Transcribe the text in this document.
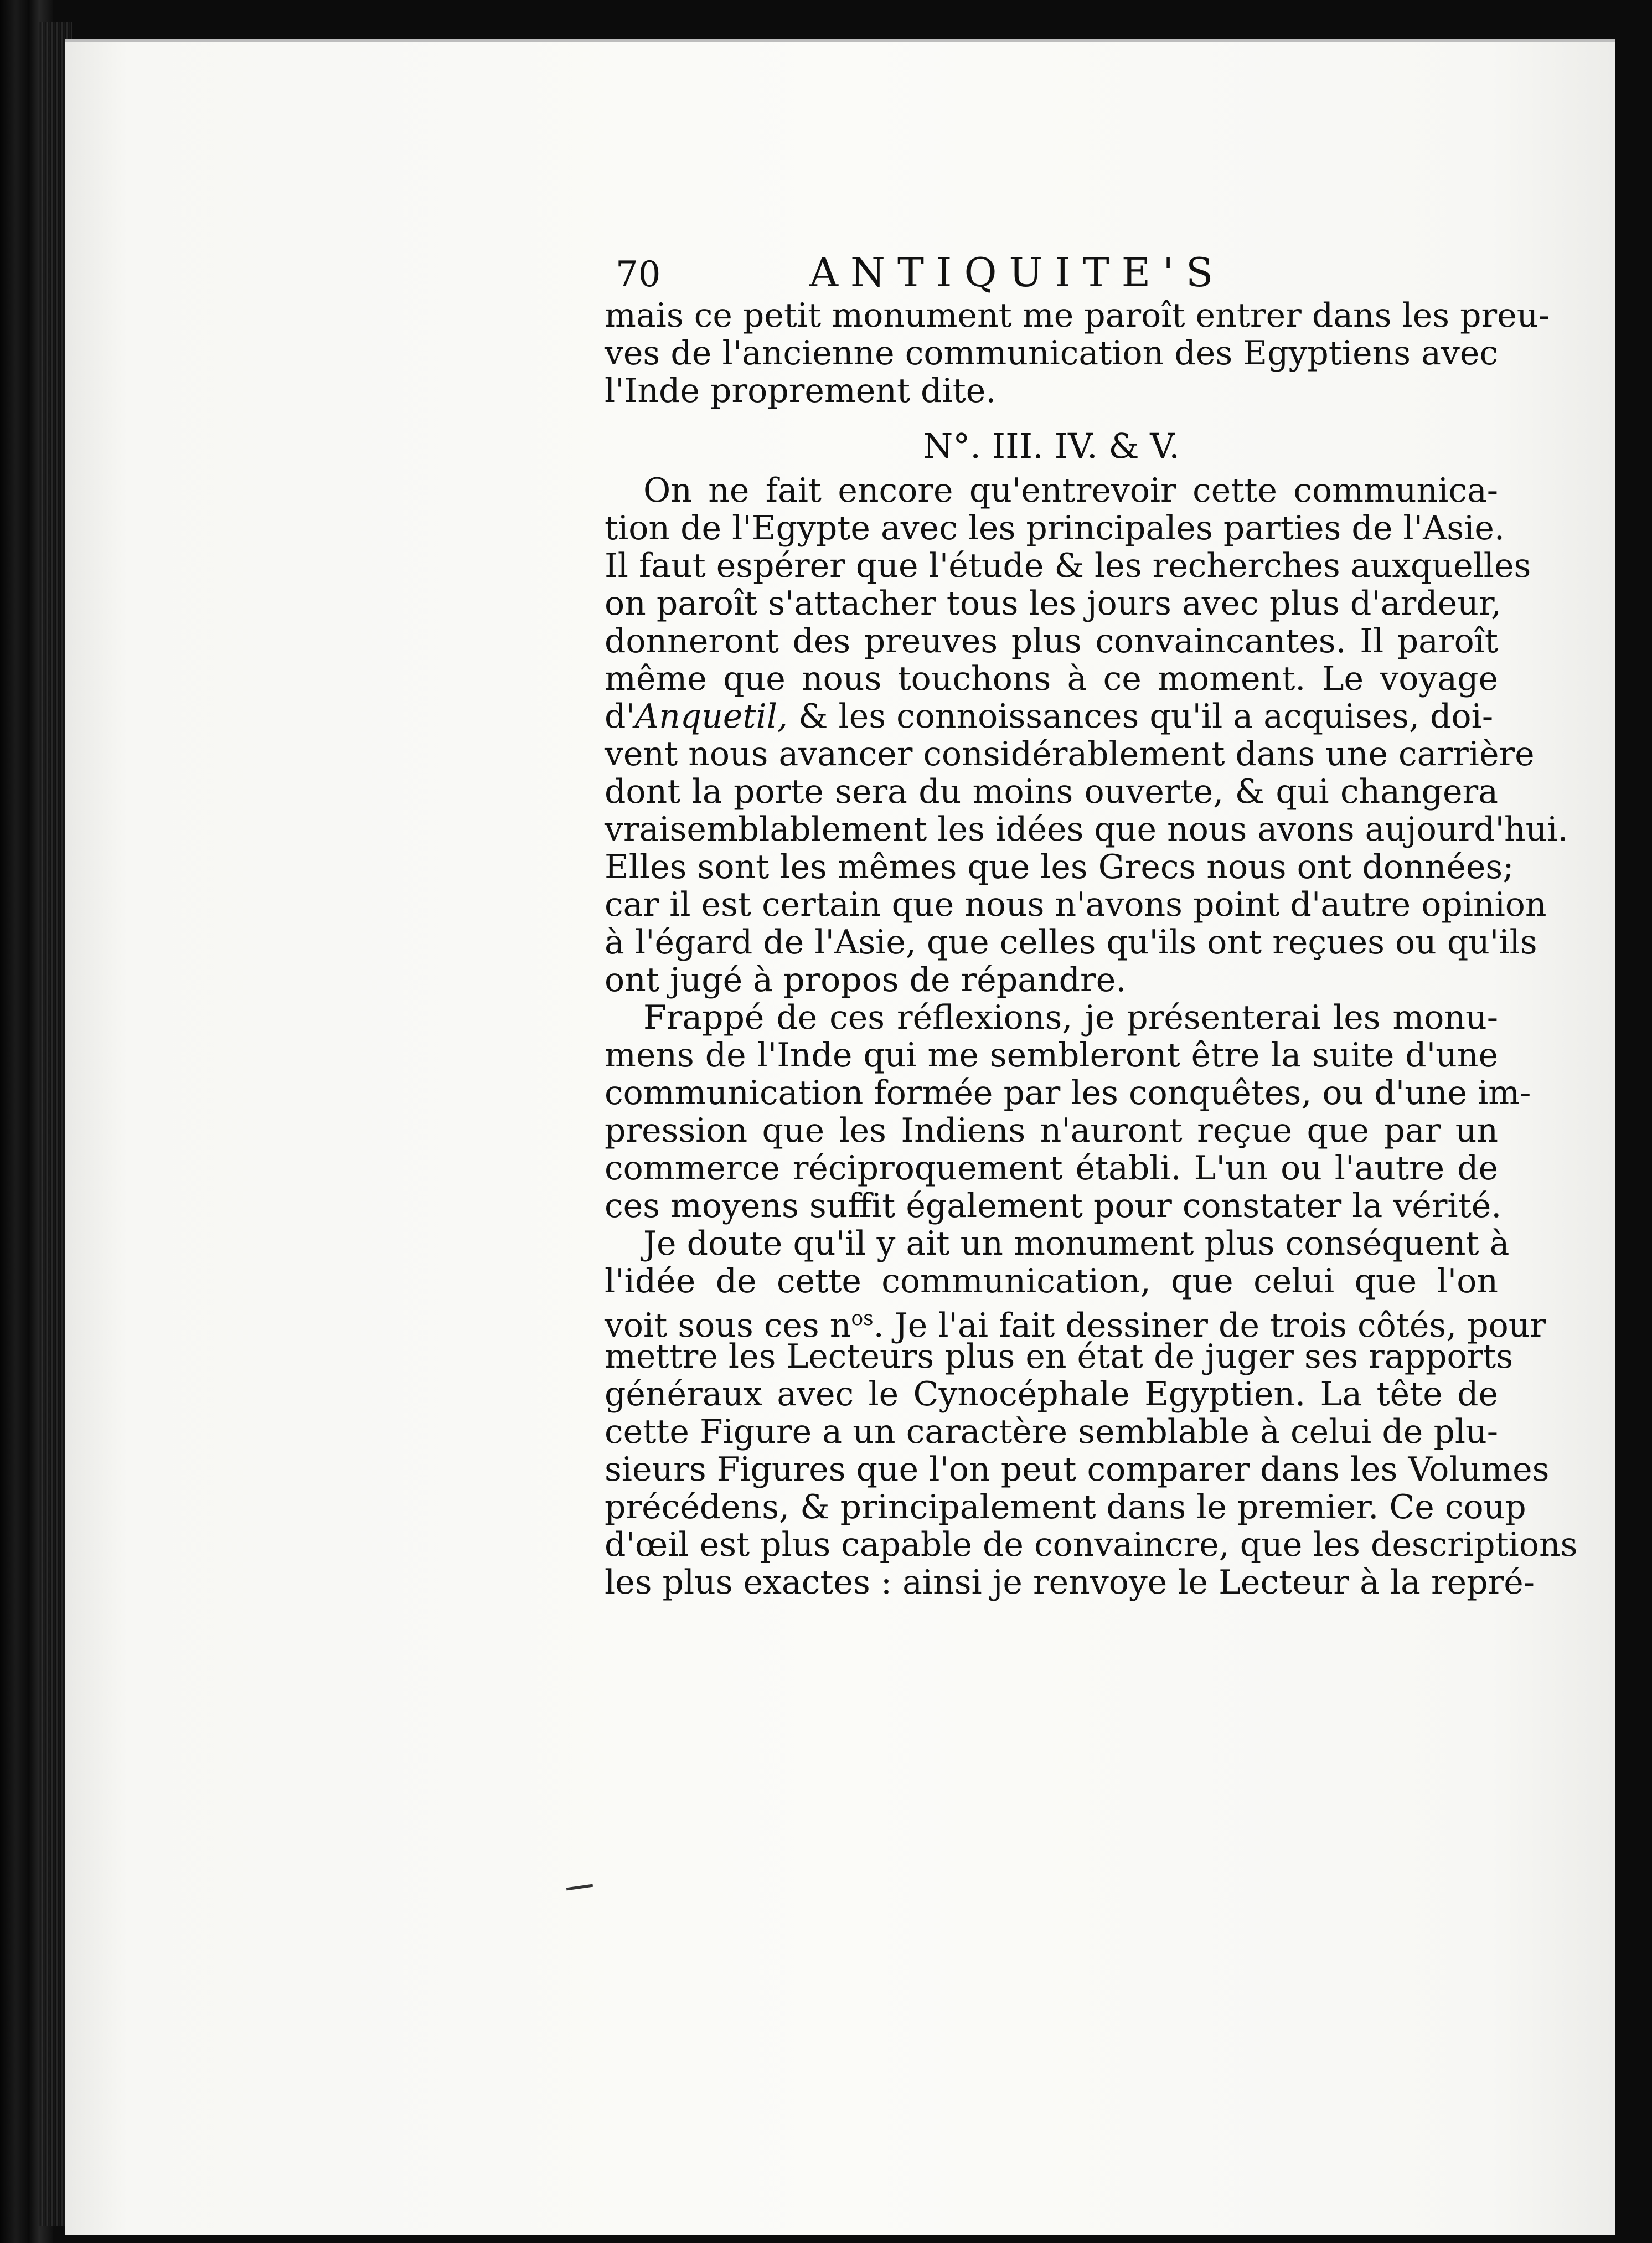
70	ANTIQUITE'S
mais ce petit monument me paroît entrer dans les preu-
ves de l'ancienne communication des Egyptiens avec
l'Inde proprement dite.
N°. III. IV. & V.
On ne fait encore qu'entrevoir cette communica-
tion de l'Egypte avec les principales parties de l'Asie.
Il faut espérer que l'étude & les recherches auxquelles
on paroît s'attacher tous les jours avec plus d'ardeur,
donneront des preuves plus convaincantes. Il paroît
même que nous touchons à ce moment. Le voyage
d'Anquetil, & les connoissances qu'il a acquises, doi-
vent nous avancer considérablement dans une carrière
dont la porte sera du moins ouverte, & qui changera
vraisemblablement les idées que nous avons aujourd'hui.
Elles sont les mêmes que les Grecs nous ont données;
car il est certain que nous n'avons point d'autre opinion
à l'égard de l'Asie, que celles qu'ils ont reçues ou qu'ils
ont jugé à propos de répandre.
Frappé de ces réflexions, je présenterai les monu-
mens de l'Inde qui me sembleront être la suite d'une
communication formée par les conquêtes, ou d'une im-
pression que les Indiens n'auront reçue que par un
commerce réciproquement établi. L'un ou l'autre de
ces moyens suffit également pour constater la vérité.
Je doute qu'il y ait un monument plus conséquent à
l'idée de cette communication, que celui que l'on
voit sous ces $n^{os}$. Je l'ai fait dessiner de trois côtés, pour
mettre les Lecteurs plus en état de juger ses rapports
généraux avec le Cynocéphale Egyptien. La tête de
cette Figure a un caractère semblable à celui de plu-
sieurs Figures que l'on peut comparer dans les Volumes
précédens, & principalement dans le premier. Ce coup
d'œil est plus capable de convaincre, que les descriptions
les plus exactes : ainsi je renvoye le Lecteur à la repré-
